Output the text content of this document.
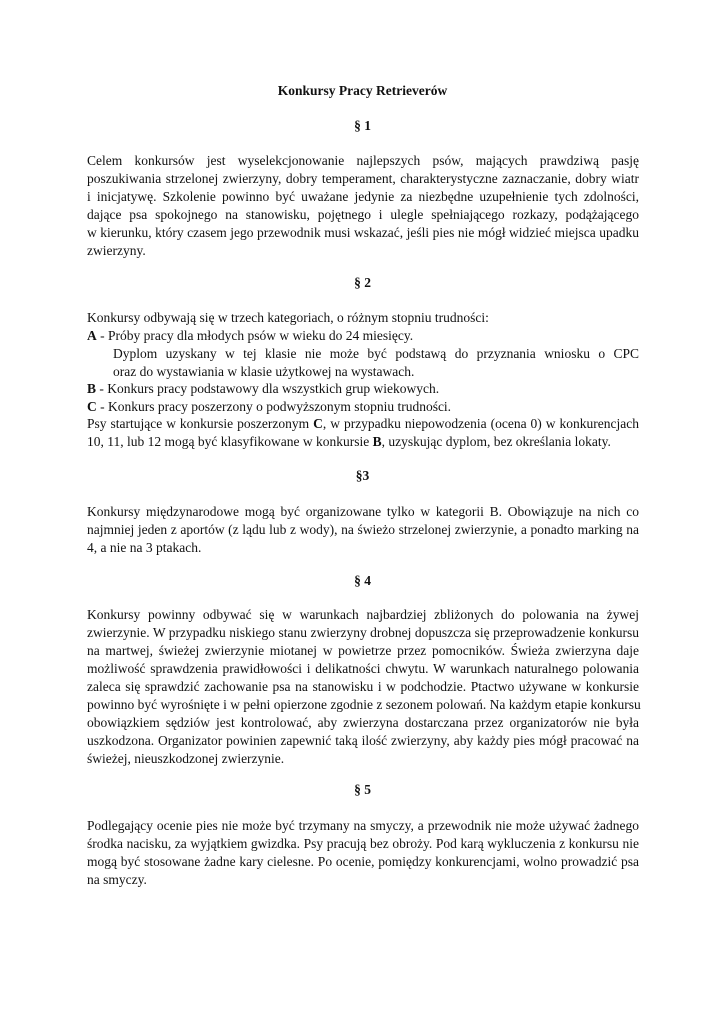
Konkursy Pracy Retrieverów
§ 1
Celem konkursów jest wyselekcjonowanie najlepszych psów, mających prawdziwą pasję
poszukiwania strzelonej zwierzyny, dobry temperament, charakterystyczne zaznaczanie, dobry wiatr
i inicjatywę. Szkolenie powinno być uważane jedynie za niezbędne uzupełnienie tych zdolności,
dające psa spokojnego na stanowisku, pojętnego i ulegle spełniającego rozkazy, podążającego
w kierunku, który czasem jego przewodnik musi wskazać, jeśli pies nie mógł widzieć miejsca upadku
zwierzyny.
§ 2
Konkursy odbywają się w trzech kategoriach, o różnym stopniu trudności:
A - Próby pracy dla młodych psów w wieku do 24 miesięcy.
Dyplom uzyskany w tej klasie nie może być podstawą do przyznania wniosku o CPC
oraz do wystawiania w klasie użytkowej na wystawach.
B - Konkurs pracy podstawowy dla wszystkich grup wiekowych.
C - Konkurs pracy poszerzony o podwyższonym stopniu trudności.
Psy startujące w konkursie poszerzonym C, w przypadku niepowodzenia (ocena 0) w konkurencjach
10, 11, lub 12 mogą być klasyfikowane w konkursie B, uzyskując dyplom, bez określania lokaty.
§3
Konkursy międzynarodowe mogą być organizowane tylko w kategorii B. Obowiązuje na nich co
najmniej jeden z aportów (z lądu lub z wody), na świeżo strzelonej zwierzynie, a ponadto marking na
4, a nie na 3 ptakach.
§ 4
Konkursy powinny odbywać się w warunkach najbardziej zbliżonych do polowania na żywej
zwierzynie. W przypadku niskiego stanu zwierzyny drobnej dopuszcza się przeprowadzenie konkursu
na martwej, świeżej zwierzynie miotanej w powietrze przez pomocników. Świeża zwierzyna daje
możliwość sprawdzenia prawidłowości i delikatności chwytu. W warunkach naturalnego polowania
zaleca się sprawdzić zachowanie psa na stanowisku i w podchodzie. Ptactwo używane w konkursie
powinno być wyrośnięte i w pełni opierzone zgodnie z sezonem polowań. Na każdym etapie konkursu
obowiązkiem sędziów jest kontrolować, aby zwierzyna dostarczana przez organizatorów nie była
uszkodzona. Organizator powinien zapewnić taką ilość zwierzyny, aby każdy pies mógł pracować na
świeżej, nieuszkodzonej zwierzynie.
§ 5
Podlegający ocenie pies nie może być trzymany na smyczy, a przewodnik nie może używać żadnego
środka nacisku, za wyjątkiem gwizdka. Psy pracują bez obroży. Pod karą wykluczenia z konkursu nie
mogą być stosowane żadne kary cielesne. Po ocenie, pomiędzy konkurencjami, wolno prowadzić psa
na smyczy.
